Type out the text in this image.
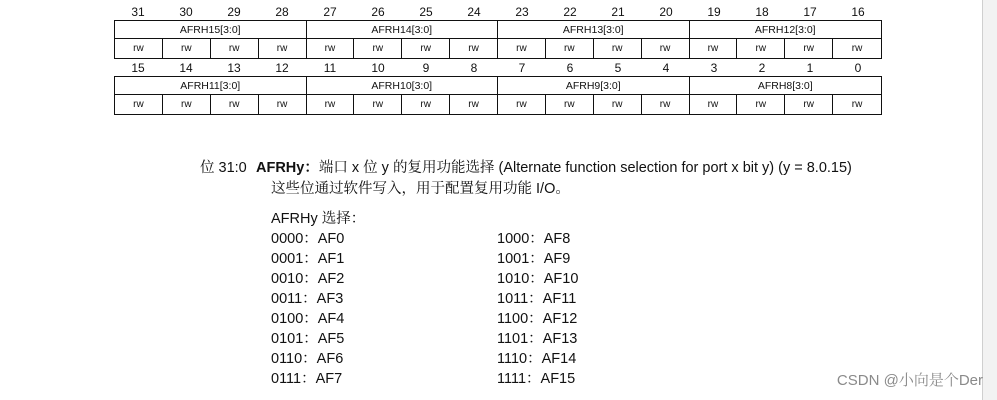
31	30	29	28	27	26	25	24	23	22	21	20	19	18	17	16
AFRH15[3:0]	AFRH14[3:0]	AFRH13[3:0]	AFRH12[3:0]
rw	rw	rw	rw	rw	rw	rw	rw	rw	rw	rw	rw	rw	rw	rw	rw
15	14	13	12	11	10	9	8	7	6	5	4	3	2	1	0
AFRH11[3:0]	AFRH10[3:0]	AFRH9[3:0]	AFRH8[3:0]
rw	rw	rw	rw	rw	rw	rw	rw	rw	rw	rw	rw	rw	rw	rw	rw
位 31:0 AFRHy：端口 x 位 y 的复用功能选择 (Alternate function selection for port x bit y) (y = 8.0.15)
这些位通过软件写入，用于配置复用功能 I/O。
AFRHy 选择：
0000：AF0
0001：AF1
0010：AF2
0011：AF3
0100：AF4
0101：AF5
0110：AF6
0111：AF7
1000：AF8
1001：AF9
1010：AF10
1011：AF11
1100：AF12
1101：AF13
1110：AF14
1111：AF15	CSDN @小向是个Der
